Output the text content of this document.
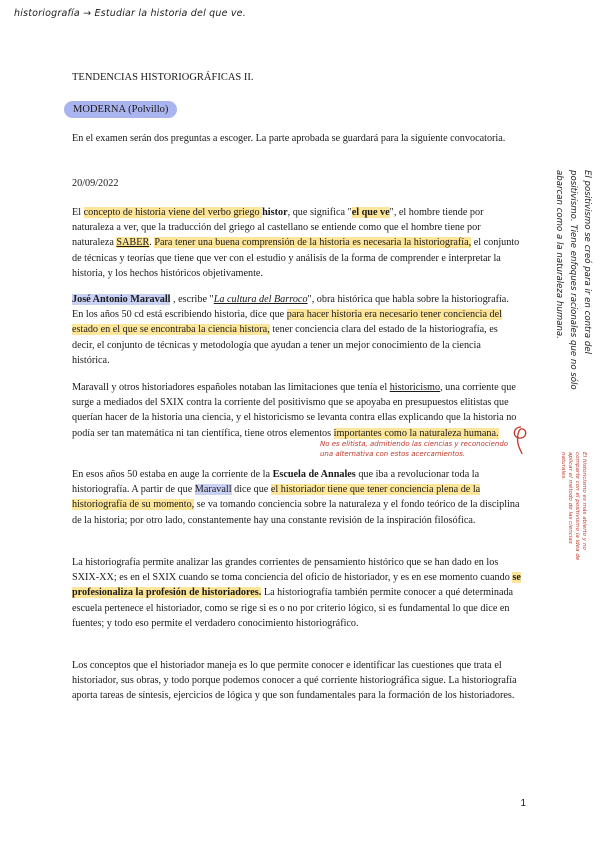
historiografía → Estudiar la historia del que ve.
TENDENCIAS HISTORIOGRÁFICAS II.
MODERNA (Polvillo)
En el examen serán dos preguntas a escoger. La parte aprobada se guardará para la siguiente convocatoria.
20/09/2022
El concepto de historia viene del verbo griego histor, que significa "el que ve", el hombre tiende por naturaleza a ver, que la traducción del griego al castellano se entiende como que el hombre tiene por naturaleza SABER. Para tener una buena comprensión de la historia es necesaria la historiografía, el conjunto de técnicas y teorías que tiene que ver con el estudio y análisis de la forma de comprender e interpretar la historia, y los hechos históricos objetivamente.
José Antonio Maravall , escribe "La cultura del Barroco", obra histórica que habla sobre la historiografía. En los años 50 cd está escribiendo historia, dice que para hacer historia era necesario tener conciencia del estado en el que se encontraba la ciencia histora, tener conciencia clara del estado de la historiografía, es decir, el conjunto de técnicas y metodología que ayudan a tener un mejor conocimiento de la ciencia histórica.
Maravall y otros historiadores españoles notaban las limitaciones que tenía el historicismo, una corriente que surge a mediados del SXIX contra la corriente del positivismo que se apoyaba en presupuestos elitistas que querían hacer de la historia una ciencia, y el historicismo se levanta contra ellas explicando que la historia no podía ser tan matemática ni tan científica, tiene otros elementos importantes como la naturaleza humana.
En esos años 50 estaba en auge la corriente de la Escuela de Annales que iba a revolucionar toda la historiografía. A partir de que Maravall dice que el historiador tiene que tener conciencia plena de la historiografía de su momento, se va tomando conciencia sobre la naturaleza y el fondo teórico de la disciplina de la historia; por otro lado, constantemente hay una constante revisión de la inspiración filosófica.
La historiografía permite analizar las grandes corrientes de pensamiento histórico que se han dado en los SXIX-XX; es en el SXIX cuando se toma conciencia del oficio de historiador, y es en ese momento cuando se profesionaliza la profesión de historiadores. La historiografía también permite conocer a qué determinada escuela pertenece el historiador, como se rige si es o no por criterio lógico, si es fundamental lo que dice en fuentes; y todo eso permite el verdadero conocimiento historiográfico.
Los conceptos que el historiador maneja es lo que permite conocer e identificar las cuestiones que trata el historiador, sus obras, y todo porque podemos conocer a qué corriente historiográfica sigue. La historiografía aporta tareas de síntesis, ejercicios de lógica y que son fundamentales para la formación de los historiadores.
El positivismo se creó para ir en contra del positivismo. Tiene enfoques racionales que no sólo abarcan como a la naturaleza humana.
El historicismo es más abierto y no comparte con el positivismo la idea de aplicar el método de las ciencias naturales.
No es elitista, admitiendo las ciencias y reconociendo una alternativa con estos acercamientos.
1
